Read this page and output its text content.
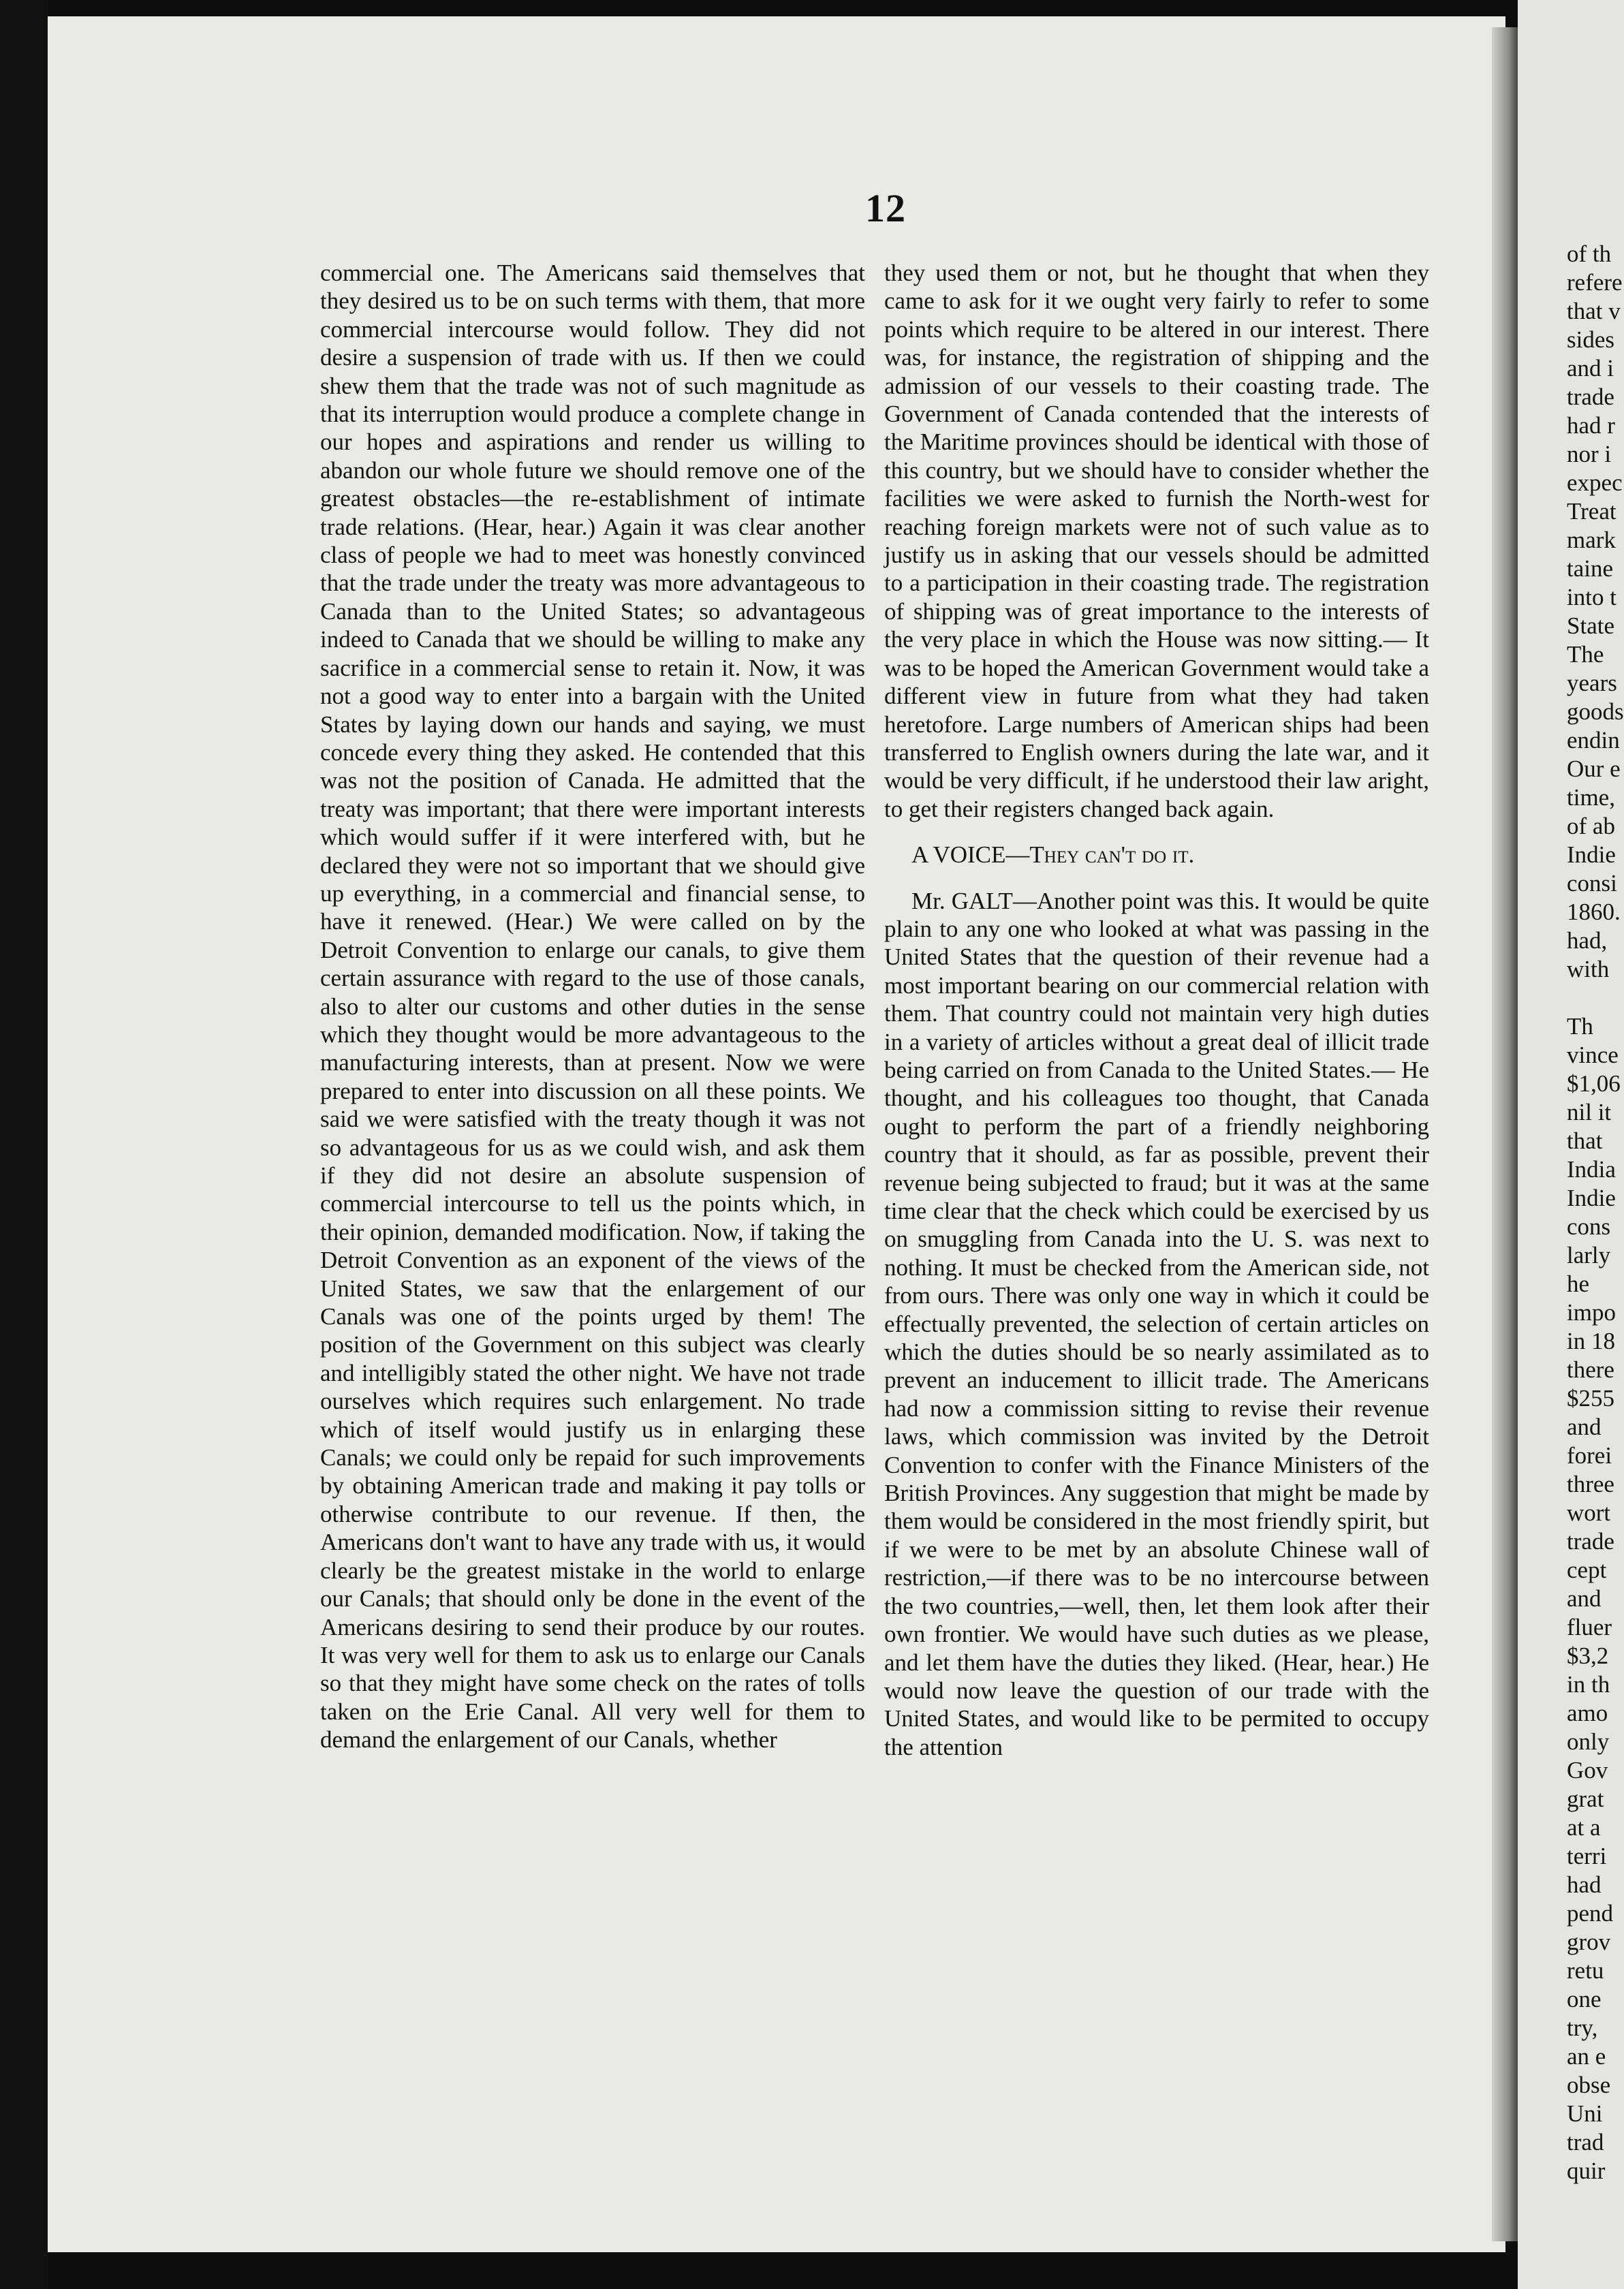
of th
refere
that v
sides
and i
trade
had r
nor i
expec
Treat
mark
taine
into t
State
The
years
goods
endin
Our e
time,
of ab
Indie
consi
1860.
had,
with
Th
vince
$1,06
nil it
that
India
Indie
cons
larly
he
impo
in 18
there
$255
and
forei
three
wort
trade
cept
and
fluer
$3,2
in th
amo
only
Gov
grat
at a
terri
had
pend
grov
retu
one
try,
an e
obse
Uni
trad
quir
12

commercial one. The Americans said themselves that they desired us to be on such terms with them, that more commercial intercourse would follow. They did not desire a suspension of trade with us. If then we could shew them that the trade was not of such magnitude as that its interruption would produce a complete change in our hopes and aspirations and render us willing to abandon our whole future we should remove one of the greatest obstacles—the re-establishment of intimate trade relations. (Hear, hear.) Again it was clear another class of people we had to meet was honestly convinced that the trade under the treaty was more advantageous to Canada than to the United States; so advantageous indeed to Canada that we should be willing to make any sacrifice in a commercial sense to retain it. Now, it was not a good way to enter into a bargain with the United States by laying down our hands and saying, we must concede every thing they asked. He contended that this was not the position of Canada. He admitted that the treaty was important; that there were important interests which would suffer if it were interfered with, but he declared they were not so important that we should give up everything, in a commercial and financial sense, to have it renewed. (Hear.) We were called on by the Detroit Convention to enlarge our canals, to give them certain assurance with regard to the use of those canals, also to alter our customs and other duties in the sense which they thought would be more advantageous to the manufacturing interests, than at present. Now we were prepared to enter into discussion on all these points. We said we were satisfied with the treaty though it was not so advantageous for us as we could wish, and ask them if they did not desire an absolute suspension of commercial intercourse to tell us the points which, in their opinion, demanded modification. Now, if taking the Detroit Convention as an exponent of the views of the United States, we saw that the enlargement of our Canals was one of the points urged by them! The position of the Government on this subject was clearly and intelligibly stated the other night. We have not trade ourselves which requires such enlargement. No trade which of itself would justify us in enlarging these Canals; we could only be repaid for such improvements by obtaining American trade and making it pay tolls or otherwise contribute to our revenue. If then, the Americans don't want to have any trade with us, it would clearly be the greatest mistake in the world to enlarge our Canals; that should only be done in the event of the Americans desiring to send their produce by our routes. It was very well for them to ask us to enlarge our Canals so that they might have some check on the rates of tolls taken on the Erie Canal. All very well for them to demand the enlargement of our Canals, whether

they used them or not, but he thought that when they came to ask for it we ought very fairly to refer to some points which require to be altered in our interest. There was, for instance, the registration of shipping and the admission of our vessels to their coasting trade. The Government of Canada contended that the interests of the Maritime provinces should be identical with those of this country, but we should have to consider whether the facilities we were asked to furnish the North-west for reaching foreign markets were not of such value as to justify us in asking that our vessels should be admitted to a participation in their coasting trade. The registration of shipping was of great importance to the interests of the very place in which the House was now sitting.— It was to be hoped the American Government would take a different view in future from what they had taken heretofore. Large numbers of American ships had been transferred to English owners during the late war, and it would be very difficult, if he understood their law aright, to get their registers changed back again.

A VOICE—They can't do it.

Mr. GALT—Another point was this. It would be quite plain to any one who looked at what was passing in the United States that the question of their revenue had a most important bearing on our commercial relation with them. That country could not maintain very high duties in a variety of articles without a great deal of illicit trade being carried on from Canada to the United States.— He thought, and his colleagues too thought, that Canada ought to perform the part of a friendly neighboring country that it should, as far as possible, prevent their revenue being subjected to fraud; but it was at the same time clear that the check which could be exercised by us on smuggling from Canada into the U. S. was next to nothing. It must be checked from the American side, not from ours. There was only one way in which it could be effectually prevented, the selection of certain articles on which the duties should be so nearly assimilated as to prevent an inducement to illicit trade. The Americans had now a commission sitting to revise their revenue laws, which commission was invited by the Detroit Convention to confer with the Finance Ministers of the British Provinces. Any suggestion that might be made by them would be considered in the most friendly spirit, but if we were to be met by an absolute Chinese wall of restriction,—if there was to be no intercourse between the two countries,—well, then, let them look after their own frontier. We would have such duties as we please, and let them have the duties they liked. (Hear, hear.) He would now leave the question of our trade with the United States, and would like to be permited to occupy the attention
